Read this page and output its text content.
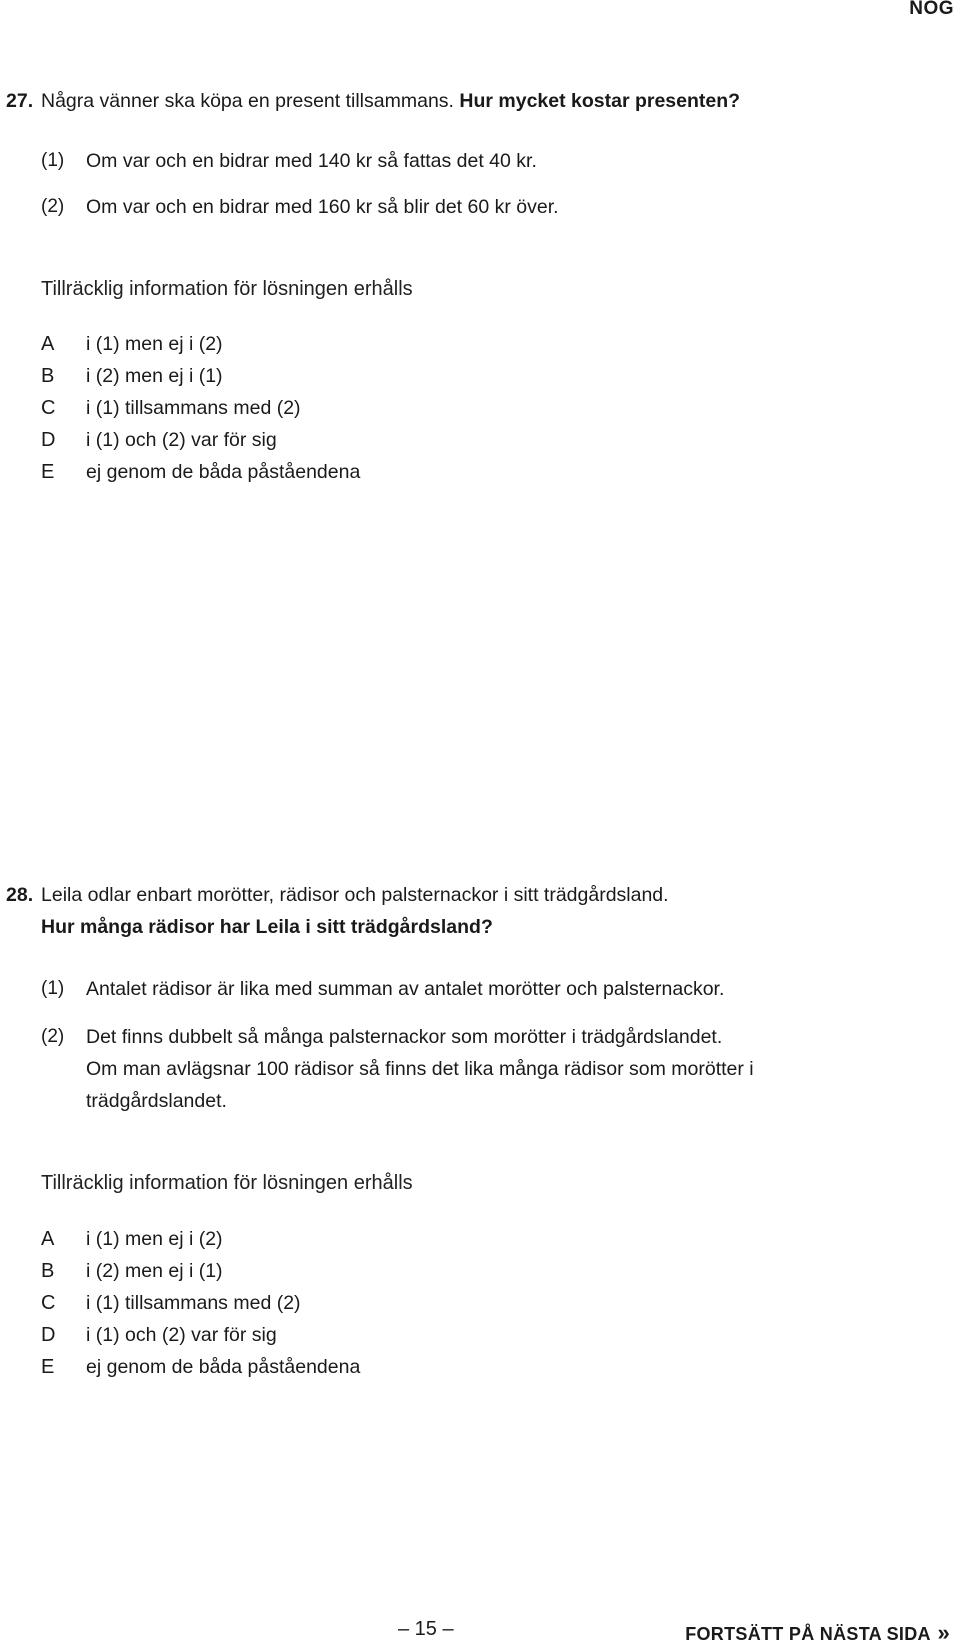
NOG
27. Några vänner ska köpa en present tillsammans. Hur mycket kostar presenten?
(1) Om var och en bidrar med 140 kr så fattas det 40 kr.
(2) Om var och en bidrar med 160 kr så blir det 60 kr över.
Tillräcklig information för lösningen erhålls
A i (1) men ej i (2)
B i (2) men ej i (1)
C i (1) tillsammans med (2)
D i (1) och (2) var för sig
E ej genom de båda påståendena
28. Leila odlar enbart morötter, rädisor och palsternackor i sitt trädgårdsland.
Hur många rädisor har Leila i sitt trädgårdsland?
(1) Antalet rädisor är lika med summan av antalet morötter och palsternackor.
(2) Det finns dubbelt så många palsternackor som morötter i trädgårdslandet.
Om man avlägsnar 100 rädisor så finns det lika många rädisor som morötter i
trädgårdslandet.
Tillräcklig information för lösningen erhålls
A i (1) men ej i (2)
B i (2) men ej i (1)
C i (1) tillsammans med (2)
D i (1) och (2) var för sig
E ej genom de båda påståendena
– 15 –	FORTSÄTT PÅ NÄSTA SIDA »
